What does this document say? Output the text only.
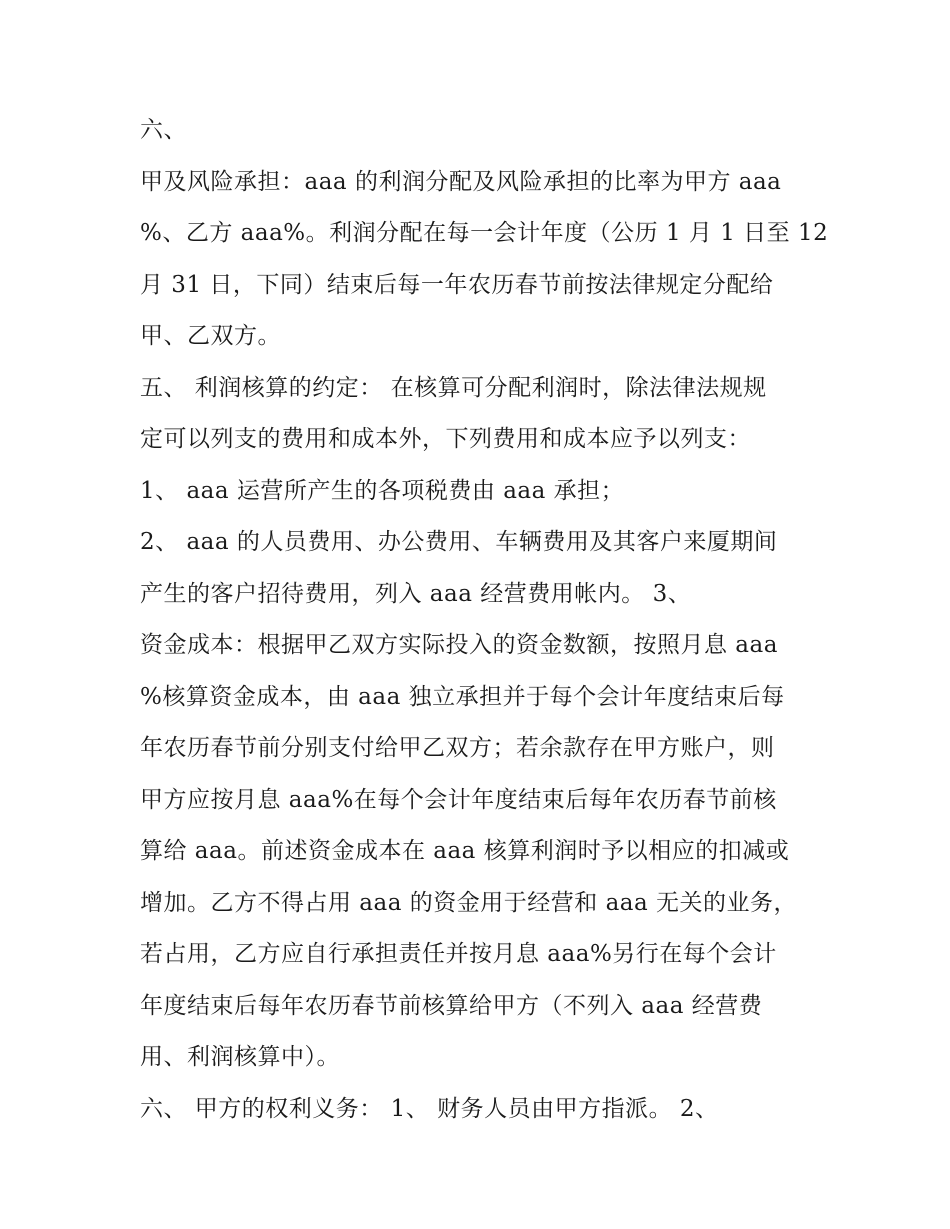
六、
甲及风险承担：aaa 的利润分配及风险承担的比率为甲方 aaa
%、乙方 aaa%。利润分配在每一会计年度（公历 1 月 1 日至 12
月 31 日，下同）结束后每一年农历春节前按法律规定分配给
甲、乙双方。
五、 利润核算的约定： 在核算可分配利润时，除法律法规规
定可以列支的费用和成本外，下列费用和成本应予以列支：
1、 aaa 运营所产生的各项税费由 aaa 承担；
2、 aaa 的人员费用、办公费用、车辆费用及其客户来厦期间
产生的客户招待费用，列入 aaa 经营费用帐内。 3、
资金成本：根据甲乙双方实际投入的资金数额，按照月息 aaa
%核算资金成本，由 aaa 独立承担并于每个会计年度结束后每
年农历春节前分别支付给甲乙双方；若余款存在甲方账户，则
甲方应按月息 aaa%在每个会计年度结束后每年农历春节前核
算给 aaa。前述资金成本在 aaa 核算利润时予以相应的扣减或
增加。乙方不得占用 aaa 的资金用于经营和 aaa 无关的业务，
若占用，乙方应自行承担责任并按月息 aaa%另行在每个会计
年度结束后每年农历春节前核算给甲方（不列入 aaa 经营费
用、利润核算中）。
六、 甲方的权利义务： 1、 财务人员由甲方指派。 2、
